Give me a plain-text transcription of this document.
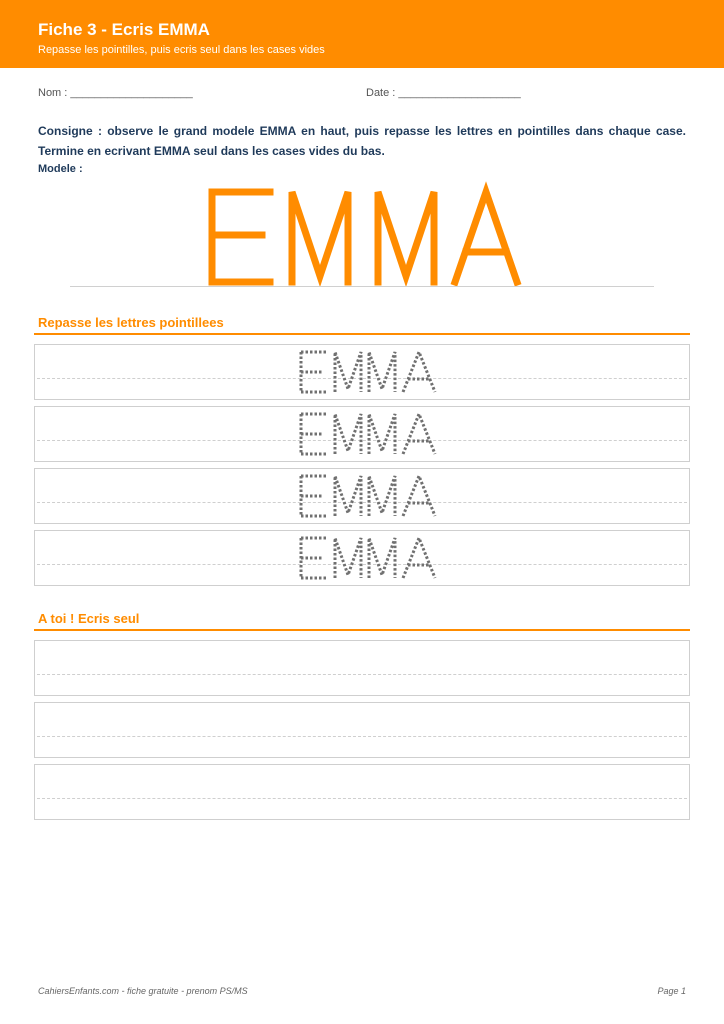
Fiche 3 - Ecris EMMA
Repasse les pointilles, puis ecris seul dans les cases vides
Nom : ____________________	Date : ____________________
Consigne : observe le grand modele EMMA en haut, puis repasse les lettres en pointilles dans chaque case. Termine en ecrivant EMMA seul dans les cases vides du bas.
Modele :
Repasse les lettres pointillees
A toi ! Ecris seul
CahiersEnfants.com - fiche gratuite - prenom PS/MS	Page 1
